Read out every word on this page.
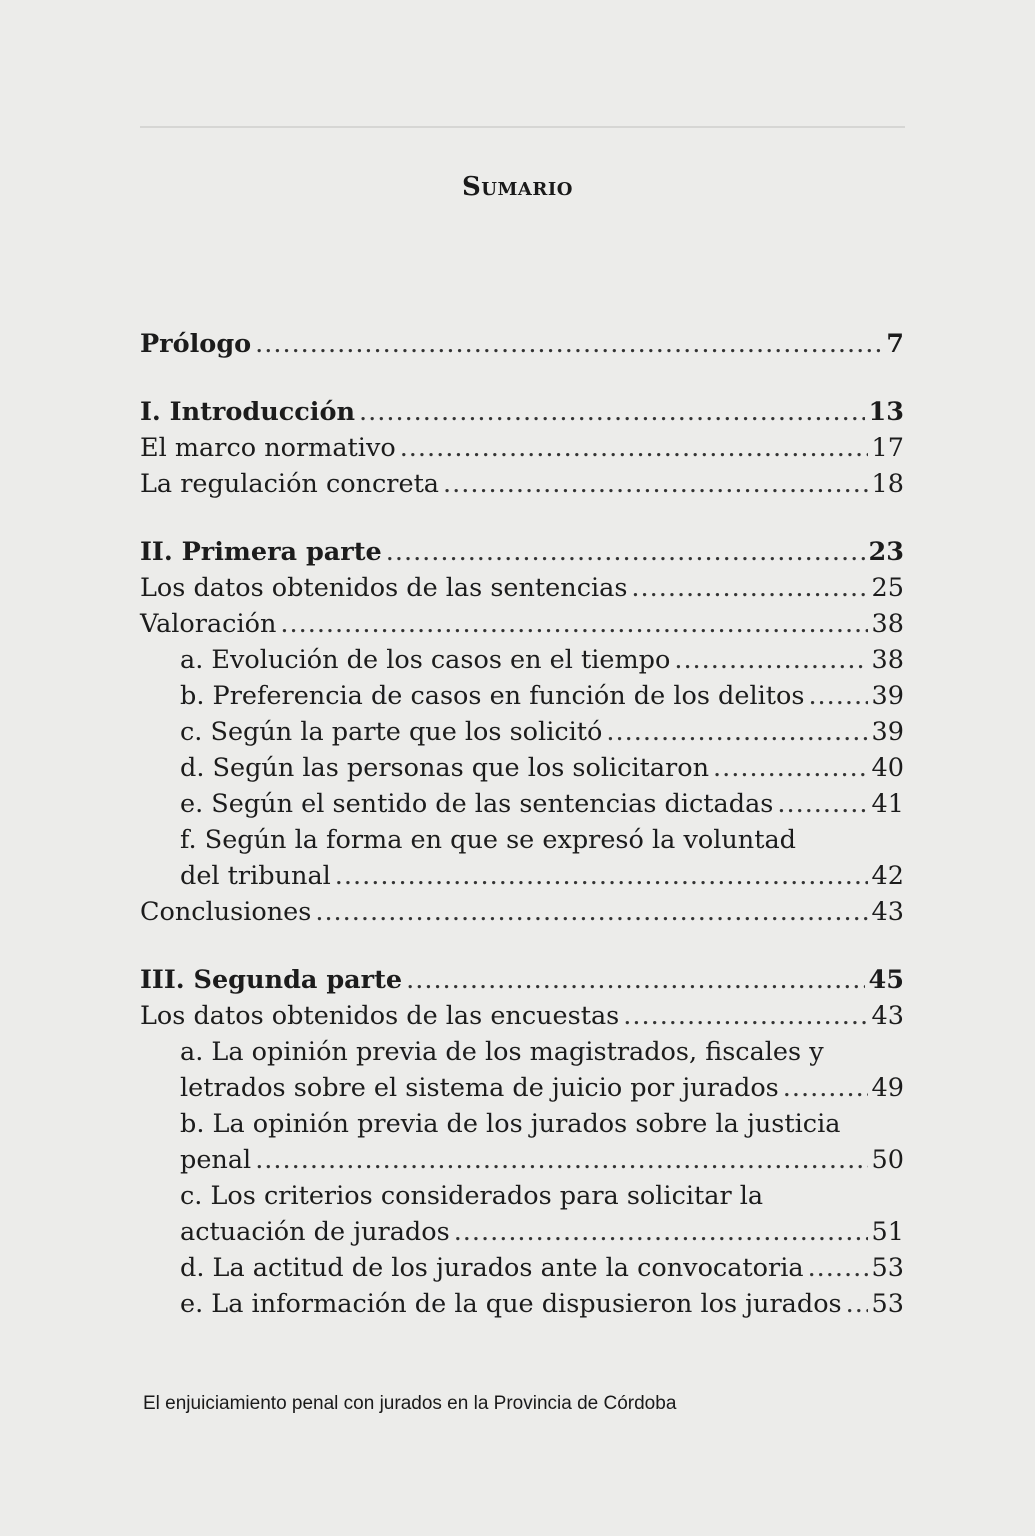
Sumario
Prólogo .....	7
I. Introducción .....	13
El marco normativo .....	17
La regulación concreta .....	18
II. Primera parte .....	23
Los datos obtenidos de las sentencias .....	25
Valoración .....	38
a. Evolución de los casos en el tiempo .....	38
b. Preferencia de casos en función de los delitos .....	39
c. Según la parte que los solicitó .....	39
d. Según las personas que los solicitaron .....	40
e. Según el sentido de las sentencias dictadas .....	41
f. Según la forma en que se expresó la voluntad
del tribunal .....	42
Conclusiones .....	43
III. Segunda parte .....	45
Los datos obtenidos de las encuestas .....	43
a. La opinión previa de los magistrados, fiscales y
letrados sobre el sistema de juicio por jurados .....	49
b. La opinión previa de los jurados sobre la justicia
penal .....	50
c. Los criterios considerados para solicitar la
actuación de jurados .....	51
d. La actitud de los jurados ante la convocatoria .....	53
e. La información de la que dispusieron los jurados ..... 53
El enjuiciamiento penal con jurados en la Provincia de Córdoba
